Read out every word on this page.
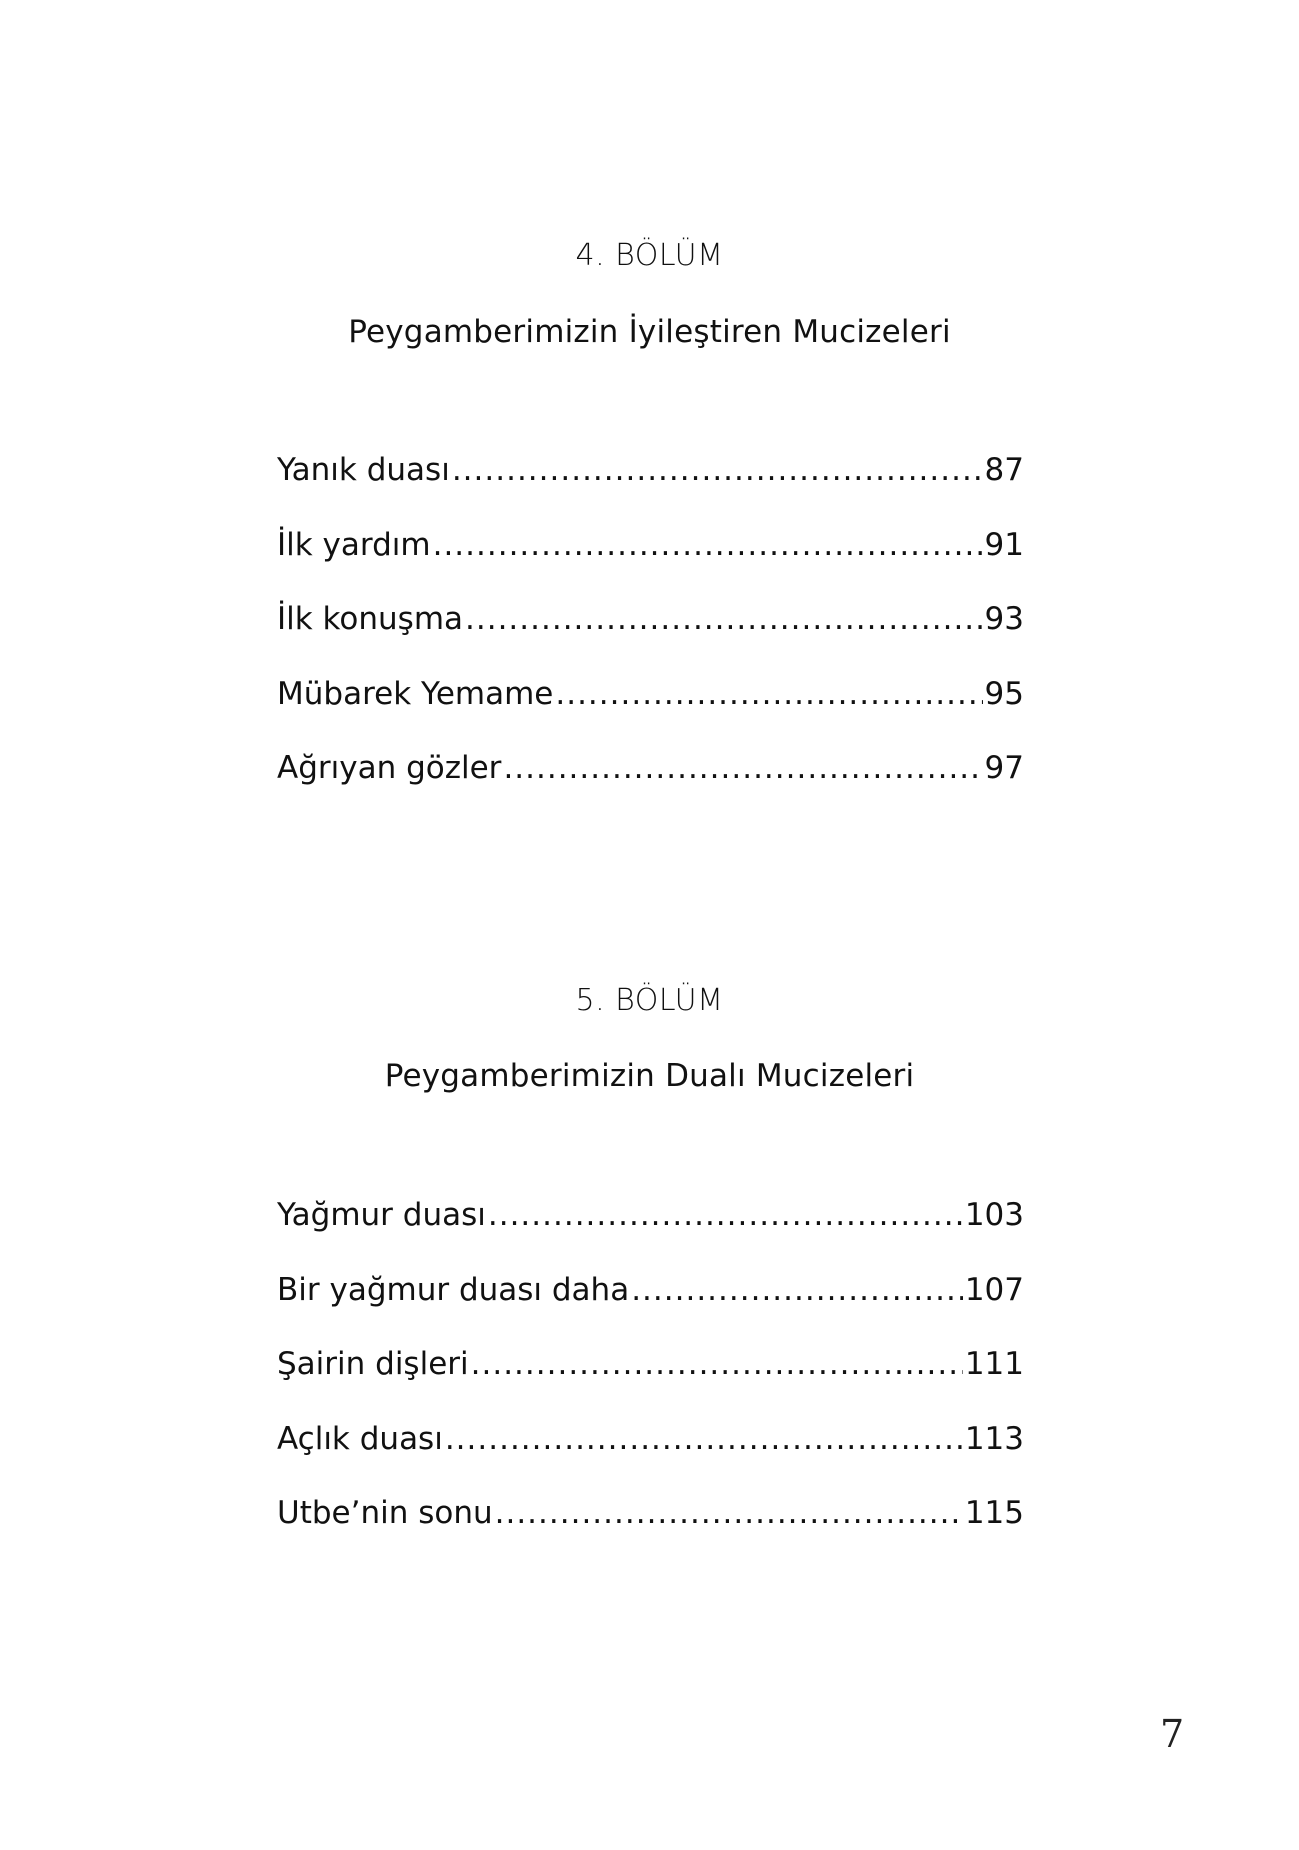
4. BÖLÜM
Peygamberimizin İyileştiren Mucizeleri
Yanık duası .....	87
İlk yardım .....	91
İlk konuşma .....	93
Mübarek Yemame .....	95
Ağrıyan gözler .....	97
5. BÖLÜM
Peygamberimizin Dualı Mucizeleri
Yağmur duası .....	103
Bir yağmur duası daha .....	107
Şairin dişleri .....	111
Açlık duası .....	113
Utbe’nin sonu .....	115
7
